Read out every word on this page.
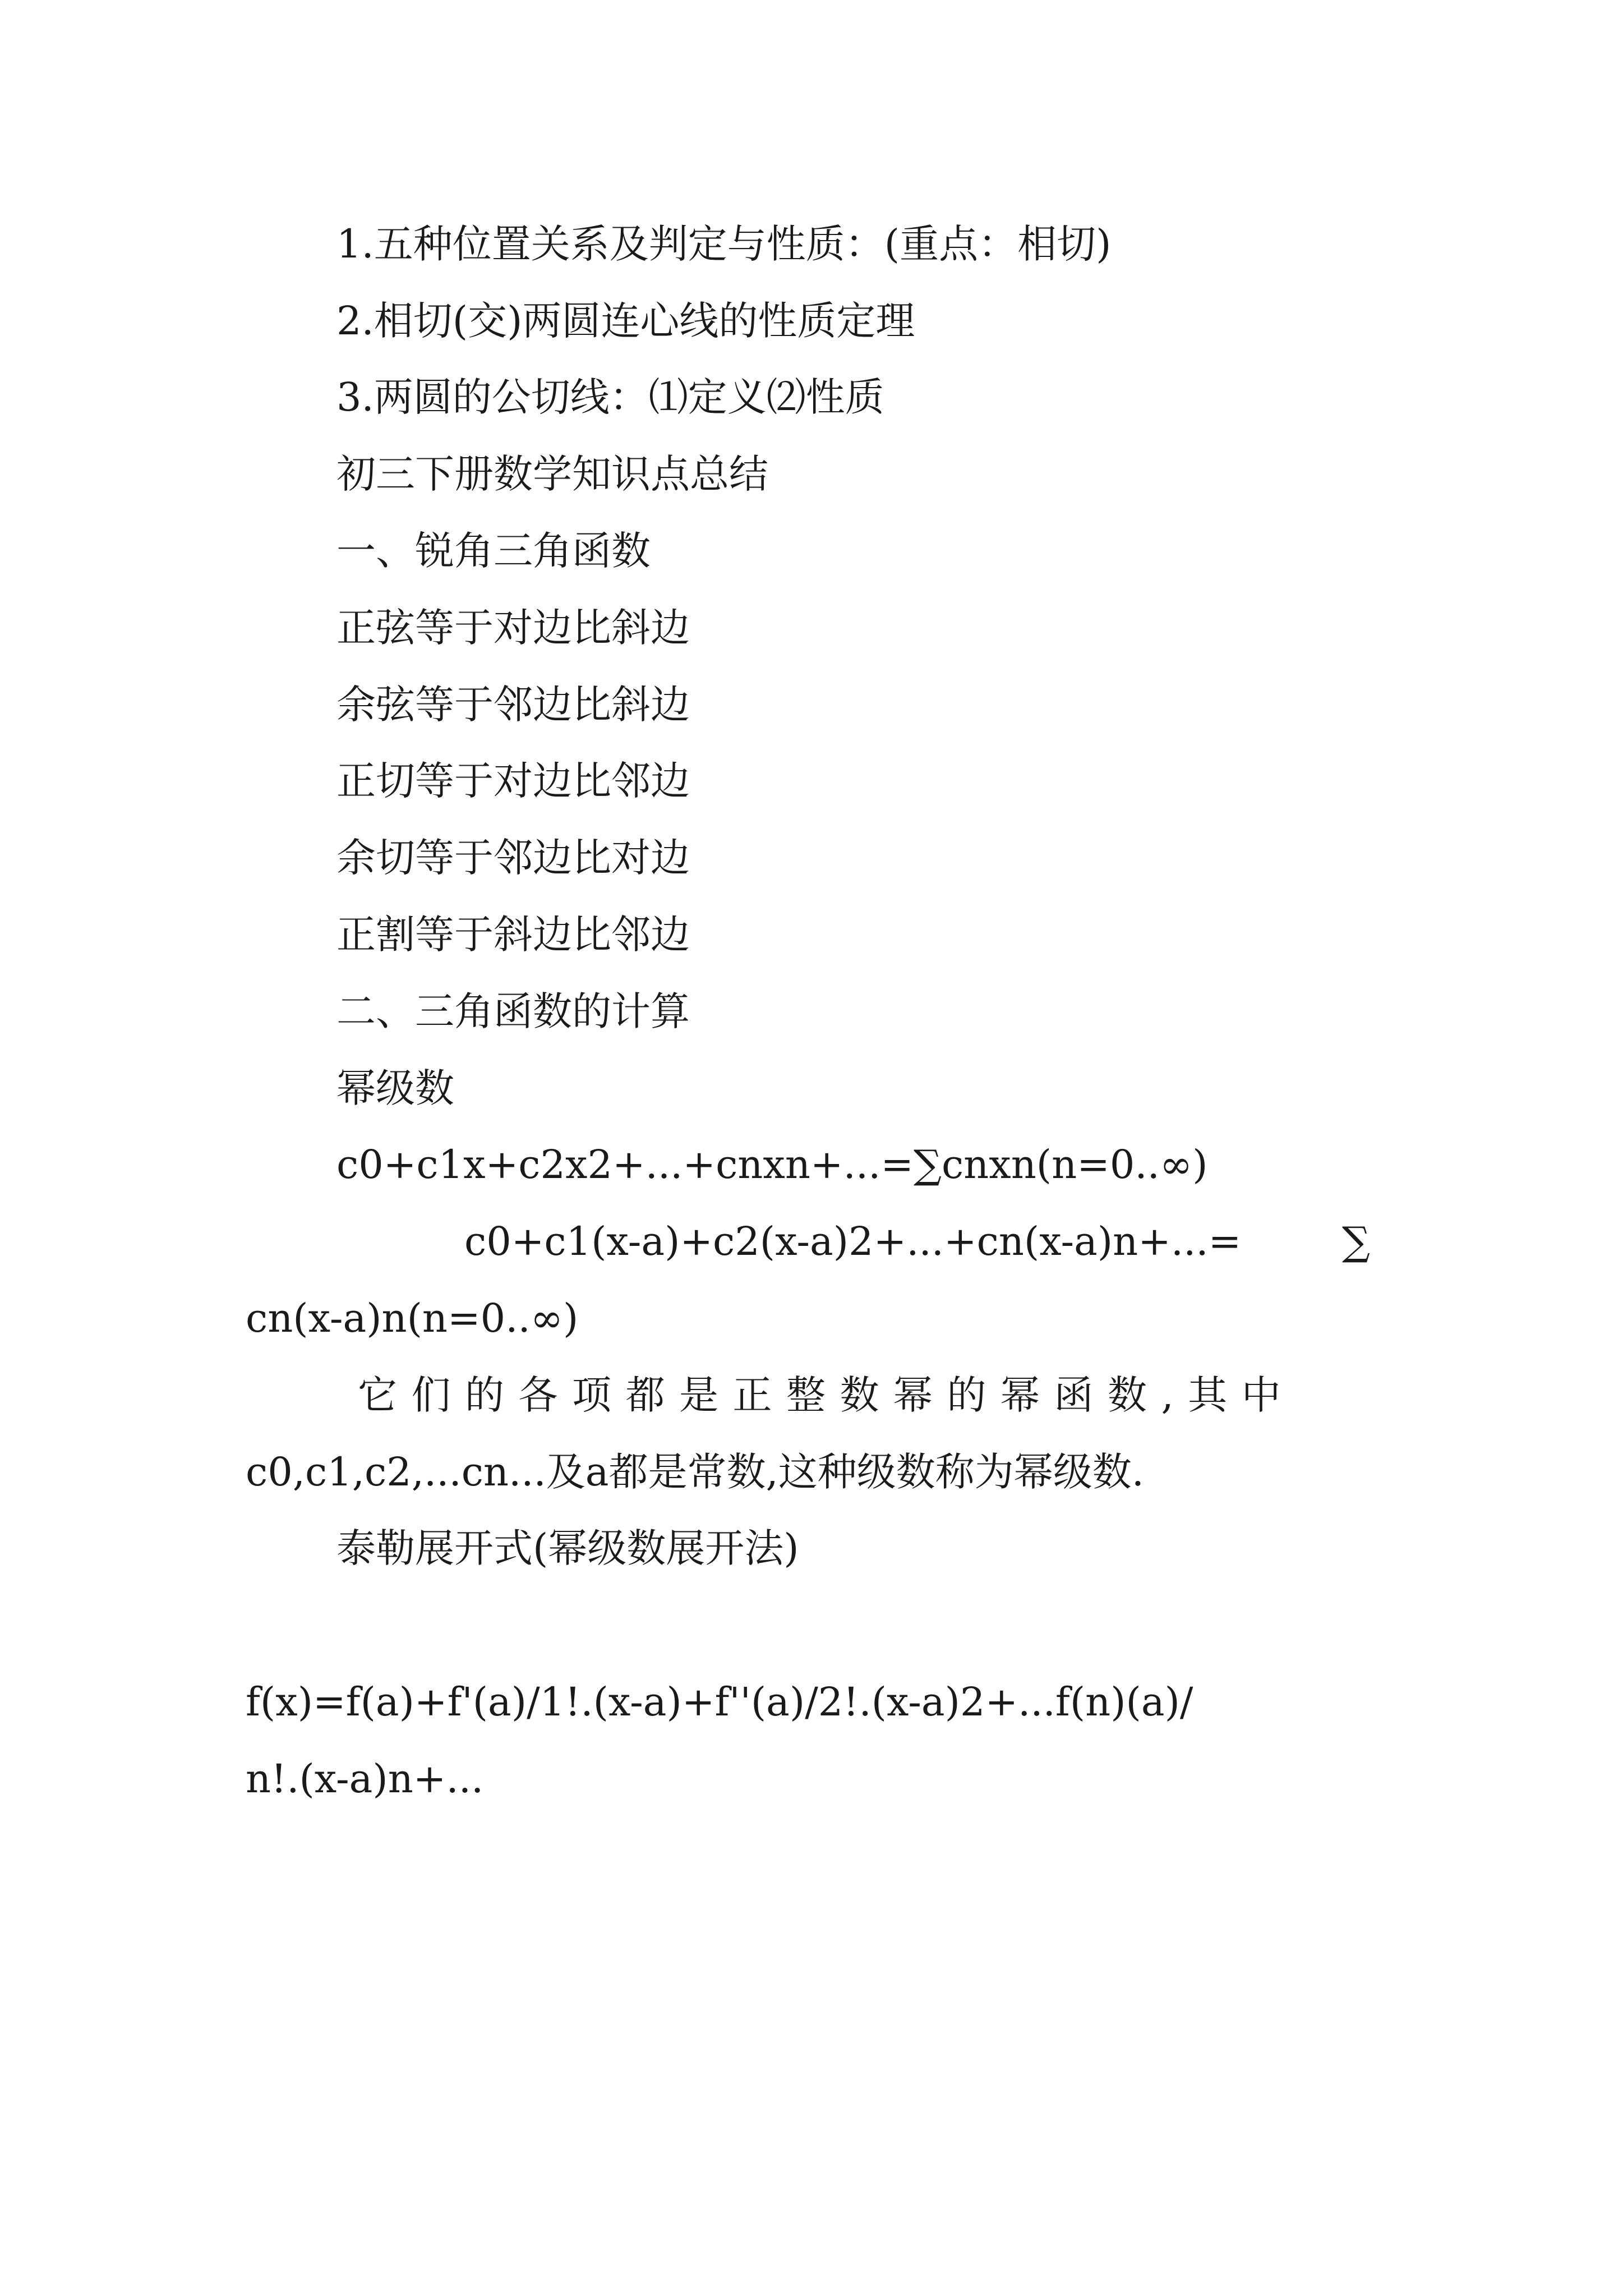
1.五种位置关系及判定与性质：(重点：相切)
2.相切(交)两圆连心线的性质定理
3.两圆的公切线：⑴定义⑵性质
初三下册数学知识点总结
一、锐角三角函数
正弦等于对边比斜边
余弦等于邻边比斜边
正切等于对边比邻边
余切等于邻边比对边
正割等于斜边比邻边
二、三角函数的计算
幂级数
c0+c1x+c2x2+...+cnxn+...=∑cnxn(n=0..∞)
c0+c1(x-a)+c2(x-a)2+...+cn(x-a)n+...=	∑
cn(x-a)n(n=0..∞)
它们的各项都是正整数幂的幂函数,其中
c0,c1,c2,...cn...及a都是常数,这种级数称为幂级数.
泰勒展开式(幂级数展开法)
f(x)=f(a)+f'(a)/1!.(x-a)+f''(a)/2!.(x-a)2+...f(n)(a)/
n!.(x-a)n+...
